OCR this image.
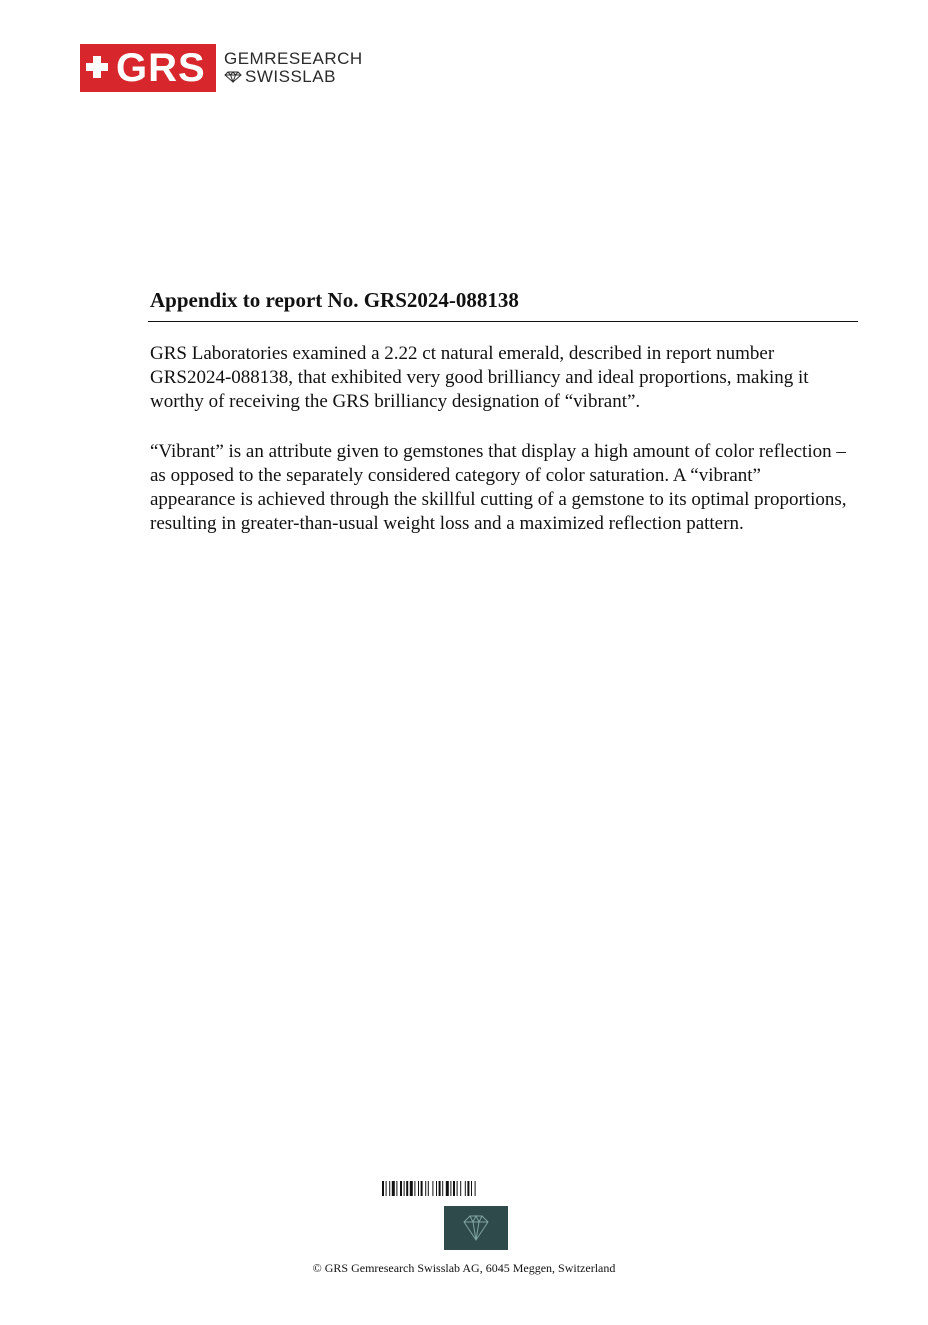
GRS GEMRESEARCH
SWISSLAB
Appendix to report No. GRS2024-088138

GRS Laboratories examined a 2.22 ct natural emerald, described in report number GRS2024-088138, that exhibited very good brilliancy and ideal proportions, making it worthy of receiving the GRS brilliancy designation of “vibrant”.

“Vibrant” is an attribute given to gemstones that display a high amount of color reflection – as opposed to the separately considered category of color saturation. A “vibrant” appearance is achieved through the skillful cutting of a gemstone to its optimal proportions, resulting in greater-than-usual weight loss and a maximized reflection pattern.

© GRS Gemresearch Swisslab AG, 6045 Meggen, Switzerland
